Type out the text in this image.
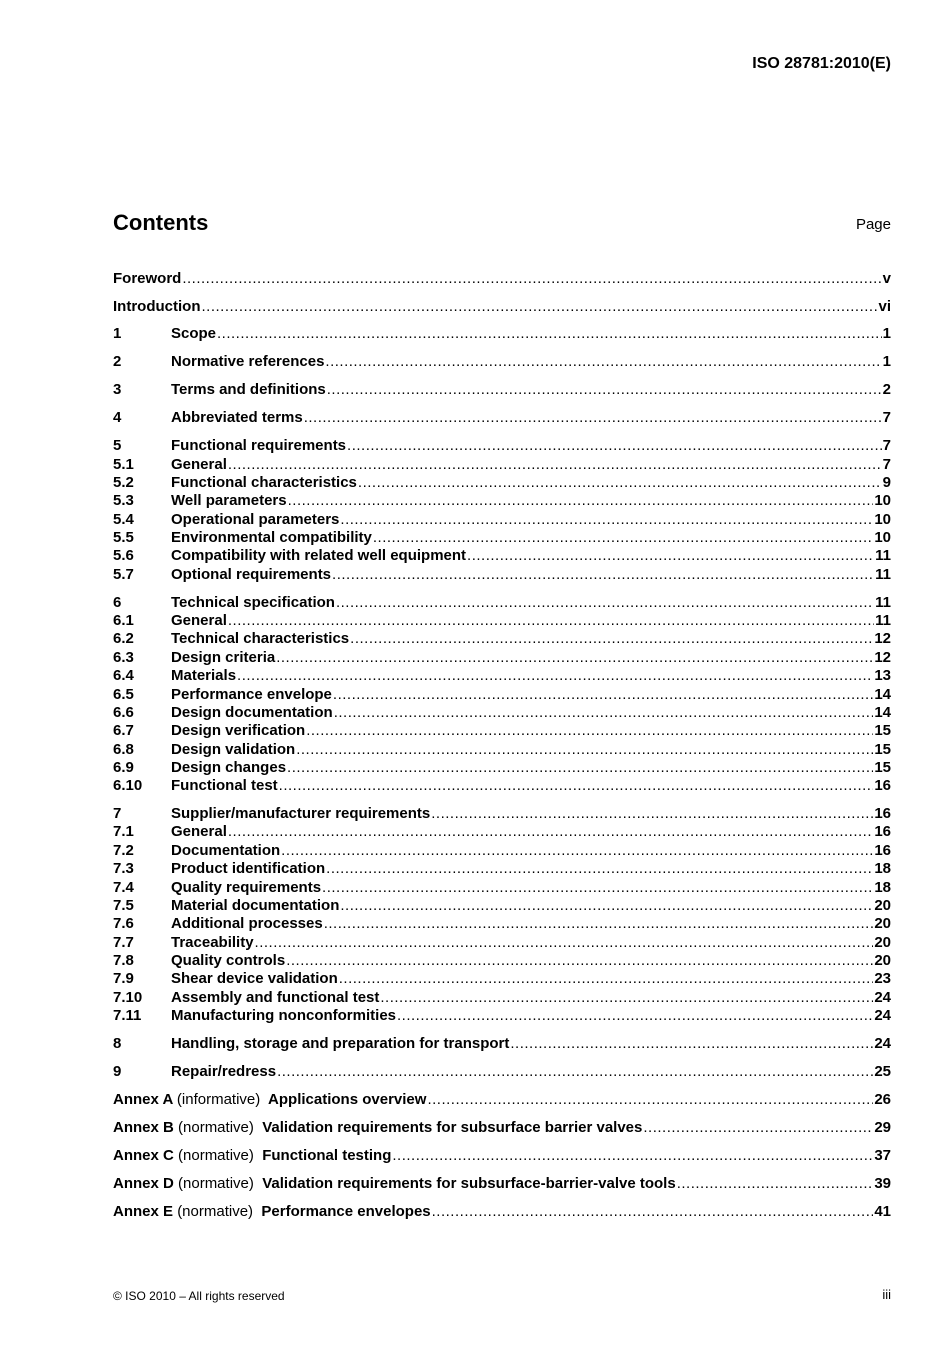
ISO 28781:2010(E)
Contents	Page
Foreword .....	v
Introduction .....	vi
1	Scope .....	1
2	Normative references .....	1
3	Terms and definitions .....	2
4	Abbreviated terms .....	7
5	Functional requirements .....	7
5.1	General .....	7
5.2	Functional characteristics .....	9
5.3	Well parameters .....	10
5.4	Operational parameters .....	10
5.5	Environmental compatibility .....	10
5.6	Compatibility with related well equipment .....	11
5.7	Optional requirements .....	11
6	Technical specification .....	11
6.1	General .....	11
6.2	Technical characteristics .....	12
6.3	Design criteria .....	12
6.4	Materials .....	13
6.5	Performance envelope .....	14
6.6	Design documentation .....	14
6.7	Design verification .....	15
6.8	Design validation .....	15
6.9	Design changes .....	15
6.10	Functional test .....	16
7	Supplier/manufacturer requirements .....	16
7.1	General .....	16
7.2	Documentation .....	16
7.3	Product identification .....	18
7.4	Quality requirements .....	18
7.5	Material documentation .....	20
7.6	Additional processes .....	20
7.7	Traceability .....	20
7.8	Quality controls .....	20
7.9	Shear device validation .....	23
7.10	Assembly and functional test .....	24
7.11	Manufacturing nonconformities .....	24
8	Handling, storage and preparation for transport .....	24
9	Repair/redress .....	25
Annex A (informative) Applications overview .....	26
Annex B (normative) Validation requirements for subsurface barrier valves .....	29
Annex C (normative) Functional testing .....	37
Annex D (normative) Validation requirements for subsurface-barrier-valve tools .....	39
Annex E (normative) Performance envelopes .....	41
© ISO 2010 – All rights reserved	iii
